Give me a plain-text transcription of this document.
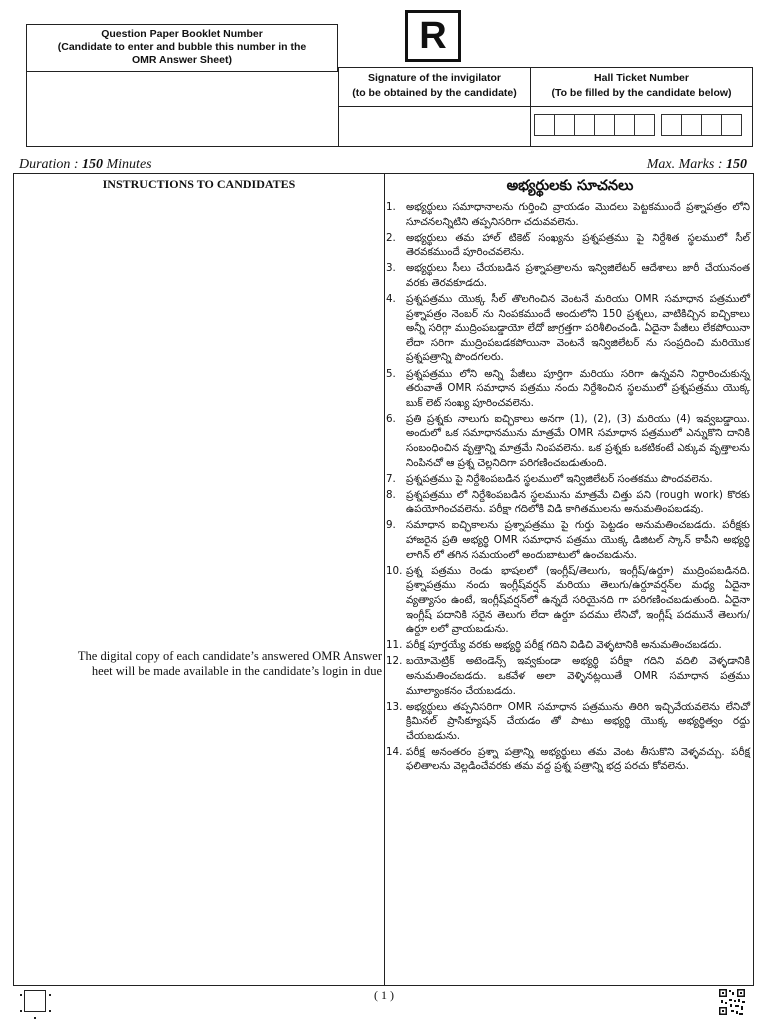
Question Paper Booklet Number
(Candidate to enter and bubble this number in the
OMR Answer Sheet)
R
Signature of the invigilator
(to be obtained by the candidate)
Hall Ticket Number
(To be filled by the candidate below)
Duration : 150 Minutes	Max. Marks : 150
INSTRUCTIONS TO CANDIDATES
The digital copy of each candidate’s answered OMR Answer
heet will be made available in the candidate’s login in due
అభ్యర్థులకు సూచనలు
1. అభ్యర్థులు సమాధానాలను గుర్తించి వ్రాయడం మొదలు పెట్టకముందే ప్రశ్నాపత్రం లోని సూచనలన్నిటిని తప్పనిసరిగా చదువవలెను.
2. అభ్యర్థులు తమ హాల్ టికెట్ సంఖ్యను ప్రశ్నపత్రము పై నిర్దేశిత స్థలములో సీల్ తెరవకముందే పూరించవలెను.
3. అభ్యర్థులు సీలు చేయబడిన ప్రశ్నాపత్రాలను ఇన్విజిలేటర్ ఆదేశాలు జారీ చేయునంత వరకు తెరవకూడదు.
4. ప్రశ్నపత్రము యొక్క సీల్ తొలగించిన వెంటనే మరియు OMR సమాధాన పత్రములో ప్రశ్నాపత్రం నెంబర్ ను నింపకముందే అందులోని 150 ప్రశ్నలు, వాటికిచ్చిన ఐచ్ఛికాలు అన్నీ సరిగ్గా ముద్రింపబడ్డాయో లేదో జాగ్రత్తగా పరిశీలించండి. ఏదైనా పేజీలు లేకపోయినా లేదా సరిగా ముద్రింపబడకపోయినా వెంటనే ఇన్విజిలేటర్ ను సంప్రదించి మరియొక ప్రశ్నపత్రాన్ని పొందగలరు.
5. ప్రశ్నపత్రము లోని అన్ని పేజీలు పూర్తిగా మరియు సరిగా ఉన్నవని నిర్ధారించుకున్న తరువాతే OMR సమాధాన పత్రము నందు నిర్దేశించిన స్థలములో ప్రశ్నపత్రము యొక్క బుక్ లెట్ సంఖ్య పూరించవలెను.
6. ప్రతి ప్రశ్నకు నాలుగు ఐచ్ఛికాలు అనగా (1), (2), (3) మరియు (4) ఇవ్వబడ్డాయి. అందులో ఒక సమాధానమును మాత్రమే OMR సమాధాన పత్రములో ఎన్నుకొని దానికి సంబంధించిన వృత్తాన్ని మాత్రమే నింపవలెను. ఒక ప్రశ్నకు ఒకటికంటే ఎక్కువ వృత్తాలను నింపినచో ఆ ప్రశ్న చెల్లనిదిగా పరిగణించబడుతుంది.
7. ప్రశ్నపత్రము పై నిర్దేశింపబడిన స్థలములో ఇన్విజిలేటర్ సంతకము పొందవలెను.
8. ప్రశ్నపత్రము లో నిర్దేశింపబడిన స్థలమును మాత్రమే చిత్తు పని (rough work) కొరకు ఉపయోగించవలెను. పరీక్షా గదిలోకి విడి కాగితములను అనుమతింపబడవు.
9. సమాధాన ఐచ్ఛికాలను ప్రశ్నాపత్రము పై గుర్తు పెట్టడం అనుమతించబడదు. పరీక్షకు హాజరైన ప్రతి అభ్యర్థి OMR సమాధాన పత్రము యొక్క డిజిటల్ స్కాన్ కాపీని అభ్యర్థి లాగిన్ లో తగిన సమయంలో అందుబాటులో ఉంచబడును.
10. ప్రశ్న పత్రము రెండు భాషలలో (ఇంగ్లీష్/తెలుగు, ఇంగ్లీష్/ఉర్దూ) ముద్రింపబడినది. ప్రశ్నాపత్రము నందు ఇంగ్లీష్‌వర్షన్ మరియు తెలుగు/ఉర్దూవర్షన్‌ల మధ్య ఏదైనా వ్యత్యాసం ఉంటే, ఇంగ్లీష్‌వర్షన్‌లో ఉన్నదే సరియైనది గా పరిగణించబడుతుంది. ఏదైనా ఇంగ్లీష్ పదానికి సరైన తెలుగు లేదా ఉర్దూ పదము లేనిచో, ఇంగ్లీష్ పదమునే తెలుగు/ఉర్దూ లలో వ్రాయబడును.
11. పరీక్ష పూర్తయ్యే వరకు అభ్యర్థి పరీక్ష గదిని విడిచి వెళ్ళటానికి అనుమతించబడదు.
12. బయోమెట్రిక్ అటెండెన్స్ ఇవ్వకుండా అభ్యర్థి పరీక్షా గదిని వదిలి వెళ్ళడానికి అనుమతించబడదు. ఒకవేళ అలా వెళ్ళినట్లయితే OMR సమాధాన పత్రము మూల్యాంకనం చేయబడదు.
13. అభ్యర్థులు తప్పనిసరిగా OMR సమాధాన పత్రమును తిరిగి ఇచ్చివేయవలెను లేనిచో క్రిమినల్ ప్రాసిక్యూషన్ చేయడం తో పాటు అభ్యర్థి యొక్క అభ్యర్థిత్వం రద్దు చేయబడును.
14. పరీక్ష అనంతరం ప్రశ్నా పత్రాన్ని అభ్యర్థులు తమ వెంట తీసుకొని వెళ్ళవచ్చు. పరీక్ష ఫలితాలను వెల్లడించేవరకు తమ వద్ద ప్రశ్న పత్రాన్ని భద్ర పరచు కోవలెను.
( 1 )
